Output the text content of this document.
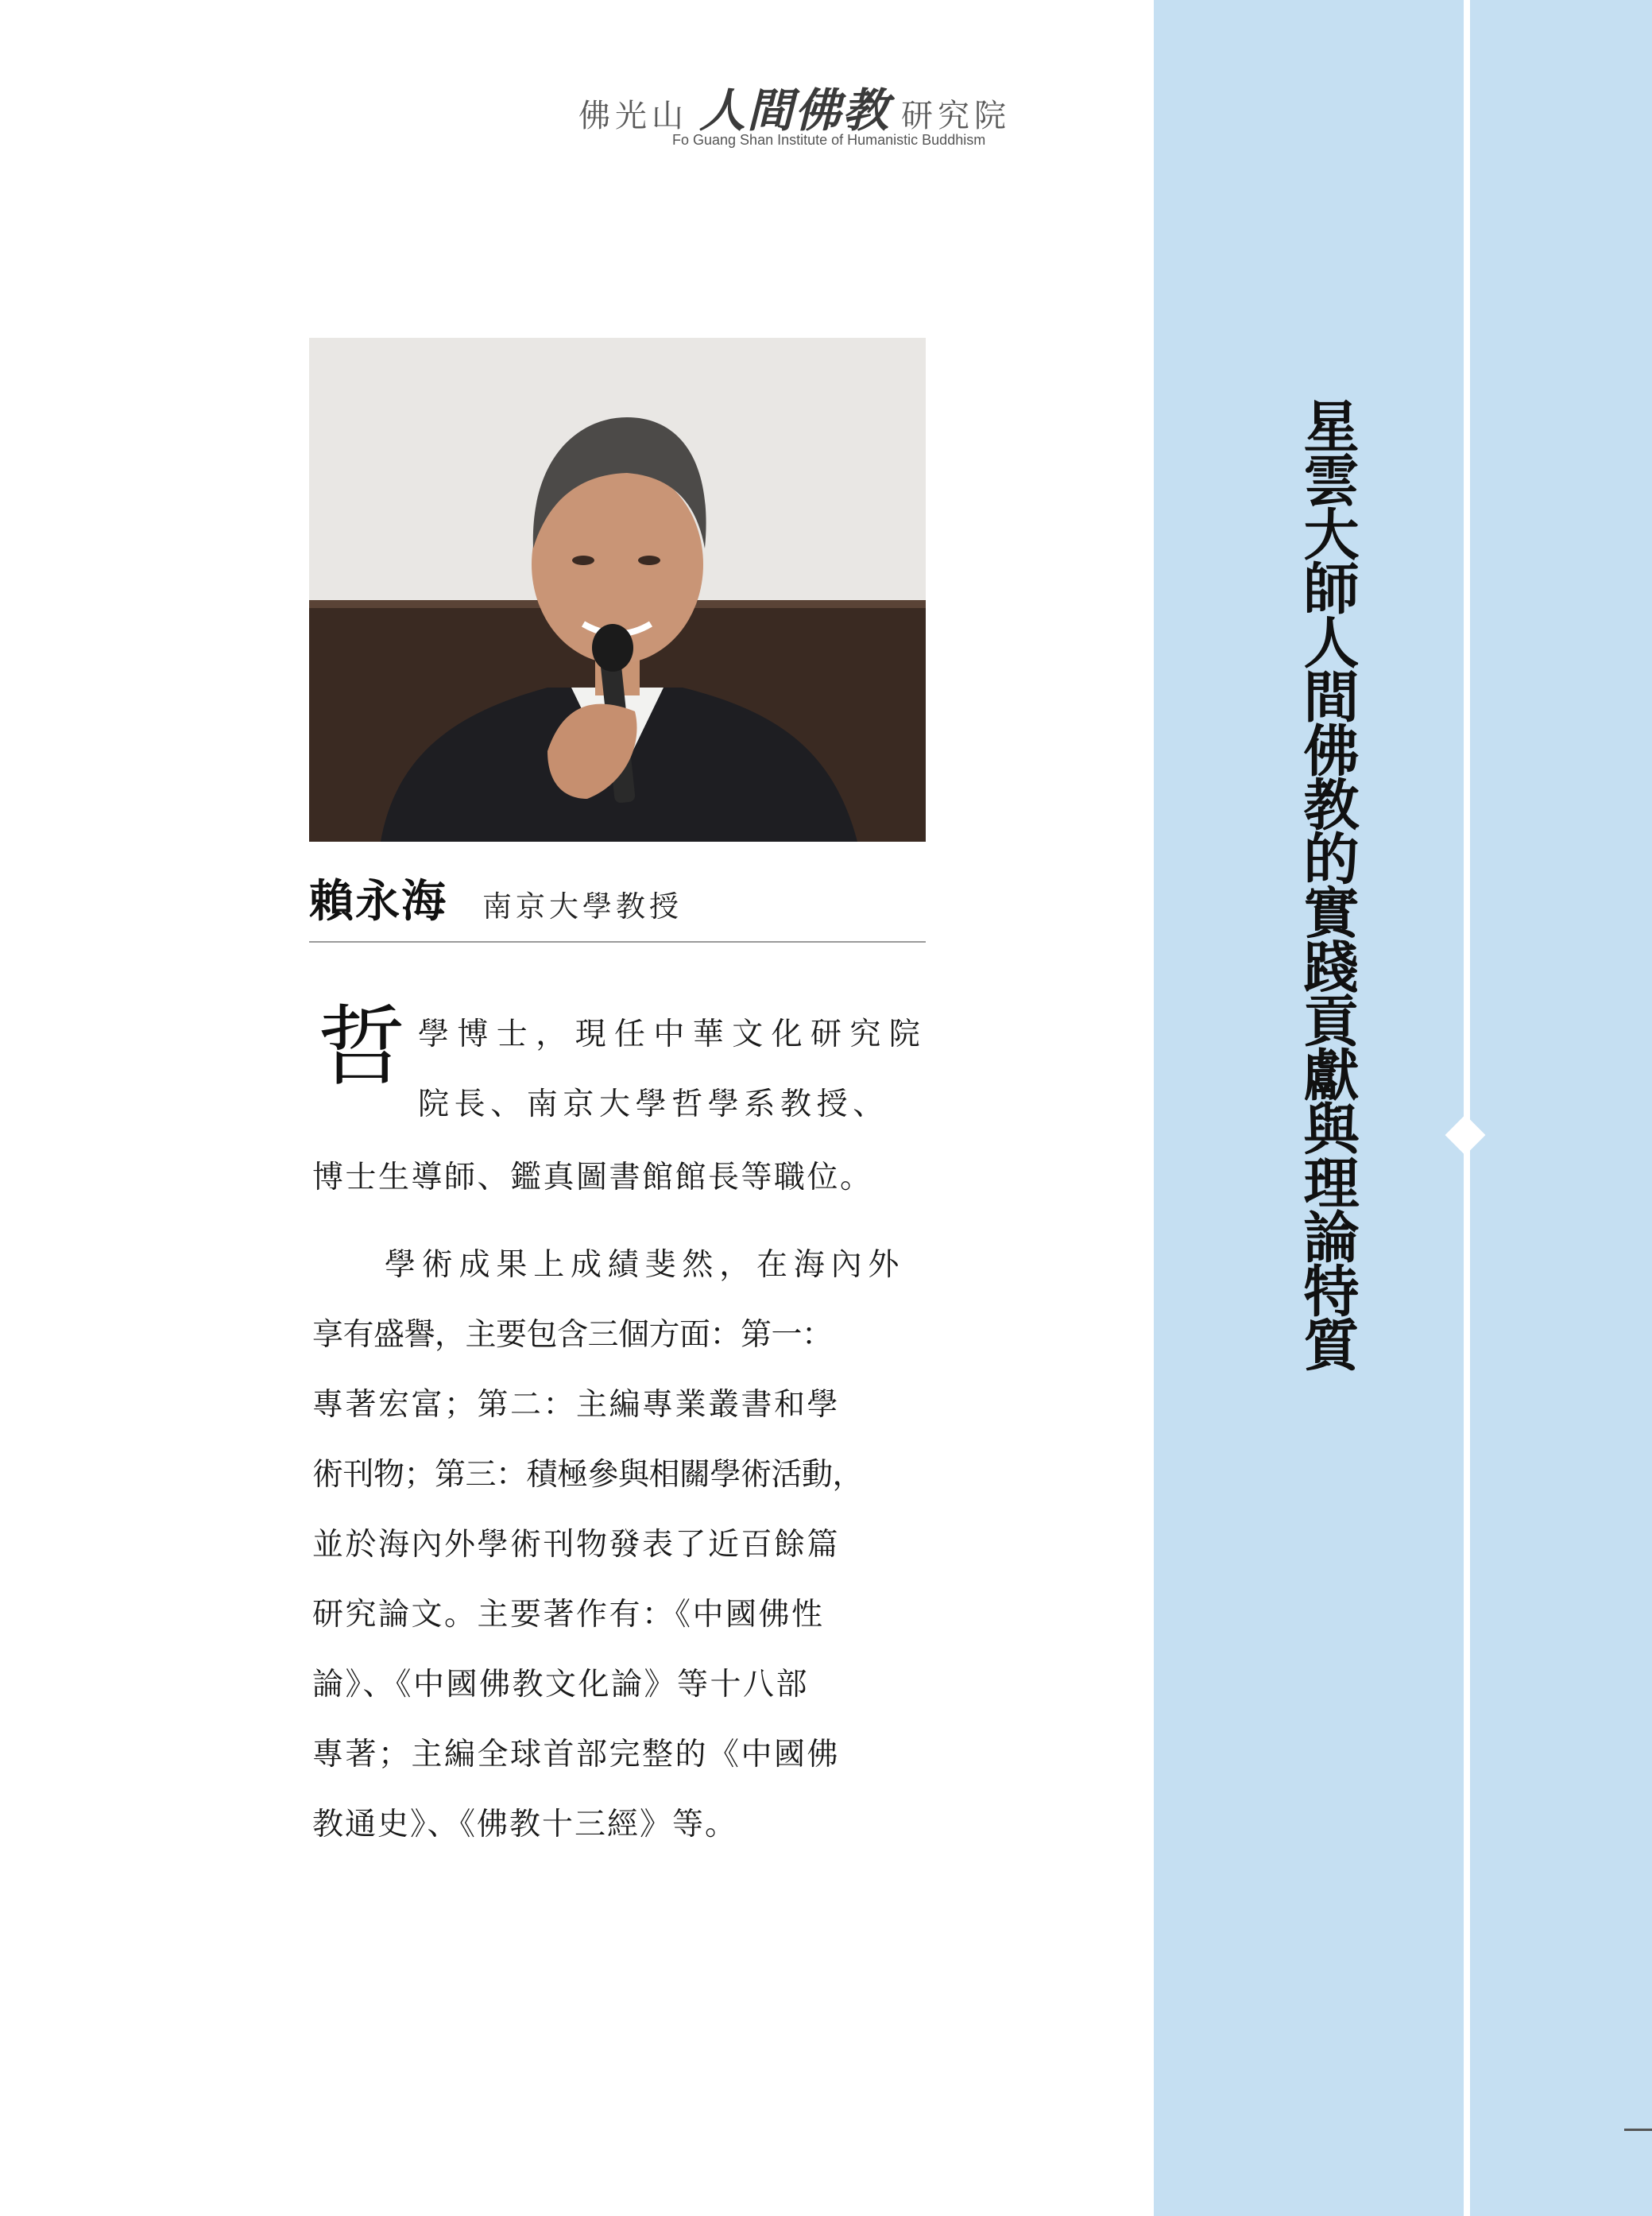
星雲大師人間佛教的實踐貢獻與理論特質
佛光山 人間佛教 研究院
Fo Guang Shan Institute of Humanistic Buddhism
賴永海 南京大學教授
哲 學博士，現任中華文化研究院
院長、南京大學哲學系教授、
博士生導師、鑑真圖書館館長等職位。
學術成果上成績斐然，在海內外
享有盛譽，主要包含三個方面：第一：
專著宏富；第二：主編專業叢書和學
術刊物；第三：積極參與相關學術活動，
並於海內外學術刊物發表了近百餘篇
研究論文。主要著作有：《中國佛性
論》、《中國佛教文化論》等十八部
專著；主編全球首部完整的《中國佛
教通史》、《佛教十三經》等。
